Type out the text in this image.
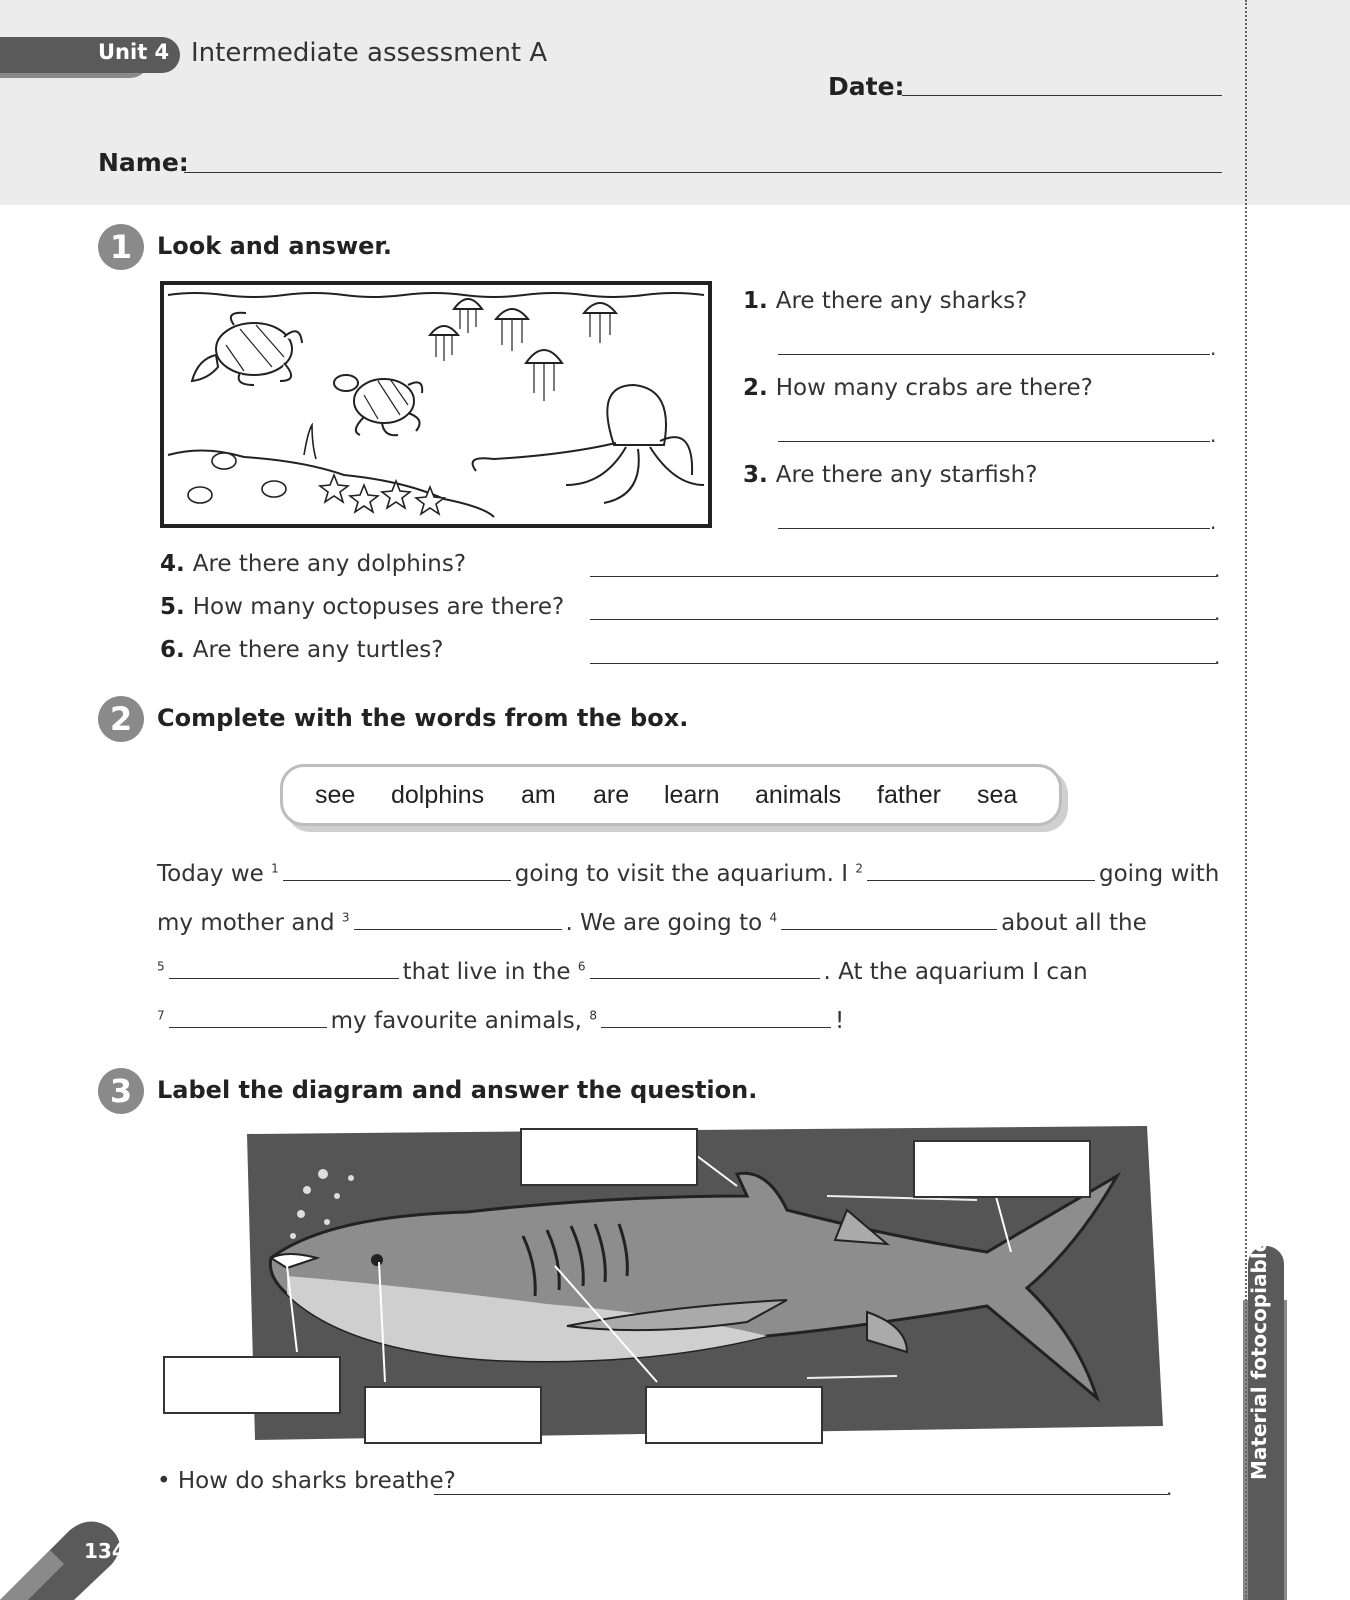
Unit 4 Intermediate assessment A
Date:
Name:
1	Look and answer.
1. Are there any sharks?
.
2. How many crabs are there?
.
3. Are there any starfish?
.
4. Are there any dolphins?	.
5. How many octopuses are there?	.
6. Are there any turtles?	.
2	Complete with the words from the box.
see dolphins am are learn animals father sea
Today we $^1$	going to visit the aquarium. I $^2$	going with
my mother and $^3$	. We are going to $^4$	about all the
$^5$	that live in the $^6$	. At the aquarium I can
$^7$	my favourite animals, $^8$	!
3	Label the diagram and answer the question.
• How do sharks breathe?	.
Material fotocopiable
134
